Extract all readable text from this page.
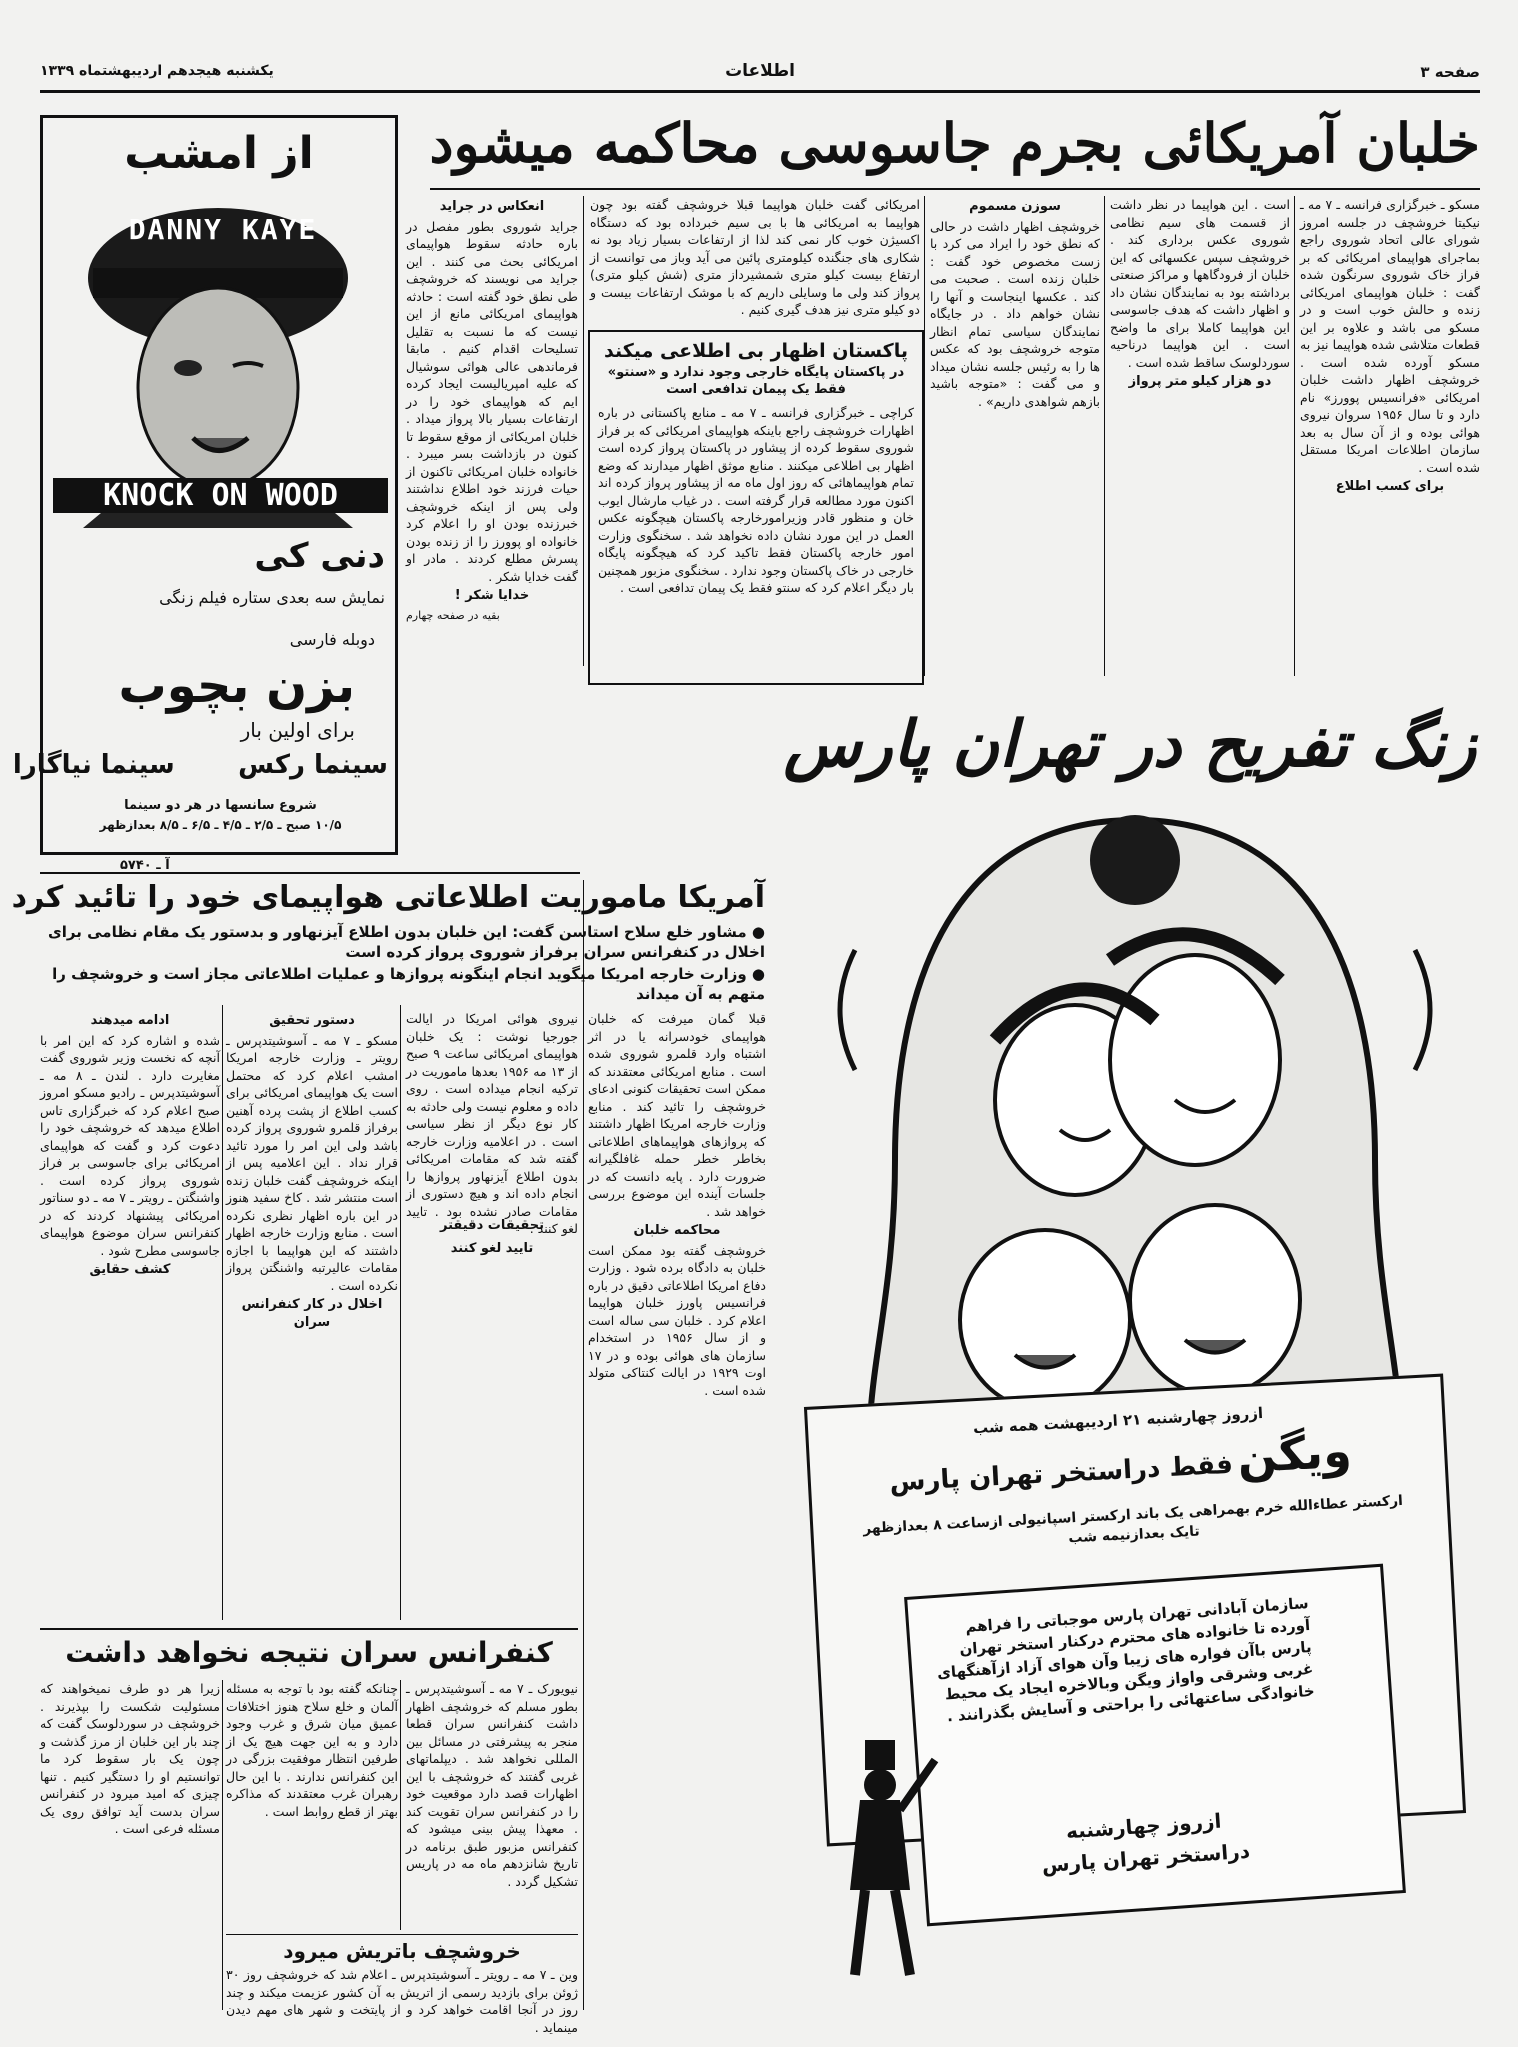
صفحه ۳
اطلاعات
یکشنبه هیجدهم اردیبهشتماه ۱۳۳۹
خلبان آمریکائی بجرم جاسوسی محاکمه میشود
مسکو ـ خبرگزاری فرانسه ـ ۷ مه ـ نیکیتا خروشچف در جلسه امروز شورای عالی اتحاد شوروی راجع بماجرای هواپیمای امریکائی که بر فراز خاک شوروی سرنگون شده گفت : خلبان هواپیمای امریکائی زنده و حالش خوب است و در مسکو می باشد و علاوه بر این قطعات متلاشی شده هواپیما نیز به مسکو آورده شده است . خروشچف اظهار داشت خلبان امریکائی «فرانسیس پوورز» نام دارد و تا سال ۱۹۵۶ سروان نیروی هوائی بوده و از آن سال به بعد سازمان اطلاعات امریکا مستقل شده است .
برای کسب اطلاع
است . این هواپیما در نظر داشت از قسمت های سیم نظامی شوروی عکس برداری کند . خروشچف سپس عکسهائی که این خلبان از فرودگاهها و مراکز صنعتی برداشته بود به نمایندگان نشان داد و اظهار داشت که هدف جاسوسی این هواپیما کاملا برای ما واضح است . این هواپیما درناحیه سوردلوسک ساقط شده است .
دو هزار کیلو متر پرواز
سوزن مسموم
خروشچف اظهار داشت در حالی که نطق خود را ایراد می کرد با زست مخصوص خود گفت : خلبان زنده است . صحبت می کند . عکسها اینجاست و آنها را نشان خواهم داد . در جایگاه نمایندگان سیاسی تمام انظار متوجه خروشچف بود که عکس ها را به رئیس جلسه نشان میداد و می گفت : «متوجه باشید بازهم شواهدی داریم» .
امریکائی گفت خلبان هواپیما قبلا خروشچف گفته بود چون هواپیما به امریکائی ها با بی سیم خبرداده بود که دستگاه اکسیژن خوب کار نمی کند لذا از ارتفاعات بسیار زیاد بود نه شکاری های جنگنده کیلومتری پائین می آید وباز می توانست از ارتفاع بیست کیلو متری شمشیرداز متری (شش کیلو متری) پرواز کند ولی ما وسایلی داریم که با موشک ارتفاعات بیست و دو کیلو متری نیز هدف گیری کنیم .
پاکستان اظهار بی اطلاعی میکند
در پاکستان پایگاه خارجی وجود ندارد و «سنتو» فقط یک پیمان تدافعی است
کراچی ـ خبرگزاری فرانسه ـ ۷ مه ـ منابع پاکستانی در باره اظهارات خروشچف راجع باینکه هواپیمای امریکائی که بر فراز شوروی سقوط کرده از پیشاور در پاکستان پرواز کرده است اظهار بی اطلاعی میکنند . منابع موثق اظهار میدارند که وضع تمام هواپیماهائی که روز اول ماه مه از پیشاور پرواز کرده اند اکنون مورد مطالعه قرار گرفته است . در غیاب مارشال ایوب خان و منظور قادر وزیرامورخارجه پاکستان هیچگونه عکس العمل در این مورد نشان داده نخواهد شد . سخنگوی وزارت امور خارجه پاکستان فقط تاکید کرد که هیچگونه پایگاه خارجی در خاک پاکستان وجود ندارد . سخنگوی مزبور همچنین بار دیگر اعلام کرد که سنتو فقط یک پیمان تدافعی است .
انعکاس در جراید
جراید شوروی بطور مفصل در باره حادثه سقوط هواپیمای امریکائی بحث می کنند . این جراید می نویسند که خروشچف طی نطق خود گفته است : حادثه هواپیمای امریکائی مانع از این نیست که ما نسبت به تقلیل تسلیحات اقدام کنیم . مابقا فرماندهی عالی هوائی سوشیال که علیه امپریالیست ایجاد کرده ایم که هواپیمای خود را در ارتفاعات بسیار بالا پرواز میداد . خلبان امریکائی از موقع سقوط تا کنون در بازداشت بسر میبرد . خانواده خلبان امریکائی تاکنون از حیات فرزند خود اطلاع نداشتند ولی پس از اینکه خروشچف خبرزنده بودن او را اعلام کرد خانواده او پوورز را از زنده بودن پسرش مطلع کردند . مادر او گفت خدایا شکر .
خدایا شکر !
بقیه در صفحه چهارم
از امشب
DANNY KAYE
KNOCK ON WOOD
دنی کی
نمایش سه بعدی ستاره فیلم زنگی
دوبله فارسی
بزن بچوب
برای اولین بار
سینما رکس       سینما نیاگارا
شروع سانسها در هر دو سینما
۱۰/۵ صبح ـ ۲/۵ ـ ۴/۵ ـ ۶/۵ ـ ۸/۵ بعدازظهر
آ ـ ۵۷۴۰
آمریکا ماموریت اطلاعاتی هواپیمای خود را تائید کرد
● مشاور خلع سلاح استاسن گفت: این خلبان بدون اطلاع آیزنهاور و بدستور یک مقام نظامی برای اخلال در کنفرانس سران برفراز شوروی پرواز کرده است
● وزارت خارجه امریکا میگوید انجام اینگونه پروازها و عملیات اطلاعاتی مجاز است و خروشچف را متهم به آن میداند
نیروی هوائی امریکا در ایالت جورجیا نوشت : یک خلبان هواپیمای امریکائی ساعت ۹ صبح از ۱۳ مه ۱۹۵۶ بعدها ماموریت در ترکیه انجام میداده است . روی داده و معلوم نیست ولی حادثه به کار نوع دیگر از نظر سیاسی است . در اعلامیه وزارت خارجه گفته شد که مقامات امریکائی بدون اطلاع آیزنهاور پروازها را انجام داده اند و هیچ دستوری از مقامات صادر نشده بود . تایید لغو کنند .
تایید لغو کنند
دستور تحقیق
مسکو ـ ۷ مه ـ آسوشیتدپرس ـ رویتر ـ وزارت خارجه امریکا امشب اعلام کرد که محتمل است یک هواپیمای امریکائی برای کسب اطلاع از پشت پرده آهنین برفراز قلمرو شوروی پرواز کرده باشد ولی این امر را مورد تائید قرار نداد . این اعلامیه پس از اینکه خروشچف گفت خلبان زنده است منتشر شد . کاخ سفید هنوز در این باره اظهار نظری نکرده است . منابع وزارت خارجه اظهار داشتند که این هواپیما با اجازه مقامات عالیرتبه واشنگتن پرواز نکرده است .
اخلال در کار کنفرانس سران
ادامه میدهند
شده و اشاره کرد که این امر با آنچه که نخست وزیر شوروی گفت مغایرت دارد . لندن ـ ۸ مه ـ آسوشیتدپرس ـ رادیو مسکو امروز صبح اعلام کرد که خبرگزاری تاس اطلاع میدهد که خروشچف خود را دعوت کرد و گفت که هواپیمای امریکائی برای جاسوسی بر فراز شوروی پرواز کرده است . واشنگتن ـ رویتر ـ ۷ مه ـ دو سناتور امریکائی پیشنهاد کردند که در کنفرانس سران موضوع هواپیمای جاسوسی مطرح شود .
کشف حقایق
تحقیقات دقیقتر
قبلا گمان میرفت که خلبان هواپیمای خودسرانه یا در اثر اشتباه وارد قلمرو شوروی شده است . منابع امریکائی معتقدند که ممکن است تحقیقات کنونی ادعای خروشچف را تائید کند . منابع وزارت خارجه امریکا اظهار داشتند که پروازهای هواپیماهای اطلاعاتی بخاطر خطر حمله غافلگیرانه ضرورت دارد . پایه دانست که در جلسات آینده این موضوع بررسی خواهد شد .
محاکمه خلبان
خروشچف گفته بود ممکن است خلبان به دادگاه برده شود . وزارت دفاع امریکا اطلاعاتی دقیق در باره فرانسیس پاورز خلبان هواپیما اعلام کرد . خلبان سی ساله است و از سال ۱۹۵۶ در استخدام سازمان های هوائی بوده و در ۱۷ اوت ۱۹۲۹ در ایالت کنتاکی متولد شده است .
کنفرانس سران نتیجه نخواهد داشت
نیویورک ـ ۷ مه ـ آسوشیتدپرس ـ بطور مسلم که خروشچف اظهار داشت کنفرانس سران قطعا منجر به پیشرفتی در مسائل بین المللی نخواهد شد . دیپلماتهای غربی گفتند که خروشچف با این اظهارات قصد دارد موقعیت خود را در کنفرانس سران تقویت کند . معهذا پیش بینی میشود که کنفرانس مزبور طبق برنامه در تاریخ شانزدهم ماه مه در پاریس تشکیل گردد .
چنانکه گفته بود با توجه به مسئله آلمان و خلع سلاح هنوز اختلافات عمیق میان شرق و غرب وجود دارد و به این جهت هیچ یک از طرفین انتظار موفقیت بزرگی در این کنفرانس ندارند . با این حال رهبران غرب معتقدند که مذاکره بهتر از قطع روابط است .
زیرا هر دو طرف نمیخواهند که مسئولیت شکست را بپذیرند . خروشچف در سوردلوسک گفت که چند بار این خلبان از مرز گذشت و چون یک بار سقوط کرد ما توانستیم او را دستگیر کنیم . تنها چیزی که امید میرود در کنفرانس سران بدست آید توافق روی یک مسئله فرعی است .
خروشچف باتریش میرود
وین ـ ۷ مه ـ رویتر ـ آسوشیتدپرس ـ اعلام شد که خروشچف روز ۳۰ ژوئن برای بازدید رسمی از اتریش به آن کشور عزیمت میکند و چند روز در آنجا اقامت خواهد کرد و از پایتخت و شهر های مهم دیدن مینماید .
زنگ تفریح در تهران پارس
ازروز چهارشنبه ۲۱ اردیبهشت همه شب
ویگن فقط دراستخر تهران پارس
ارکستر عطاءالله خرم بهمراهی یک باند ارکستر اسپانیولی ازساعت ۸ بعدازظهر تایک بعدازنیمه شب
سازمان آبادانی تهران پارس موجباتی را فراهم آورده تا خانواده های محترم درکنار استخر تهران پارس باآن فواره های زیبا وآن هوای آزاد ازآهنگهای غربی وشرقی واواز ویگن وبالاخره ایجاد یک محیط خانوادگی ساعتهائی را براحتی و آسایش بگذرانند .
ازروز چهارشنبه
دراستخر تهران پارس
